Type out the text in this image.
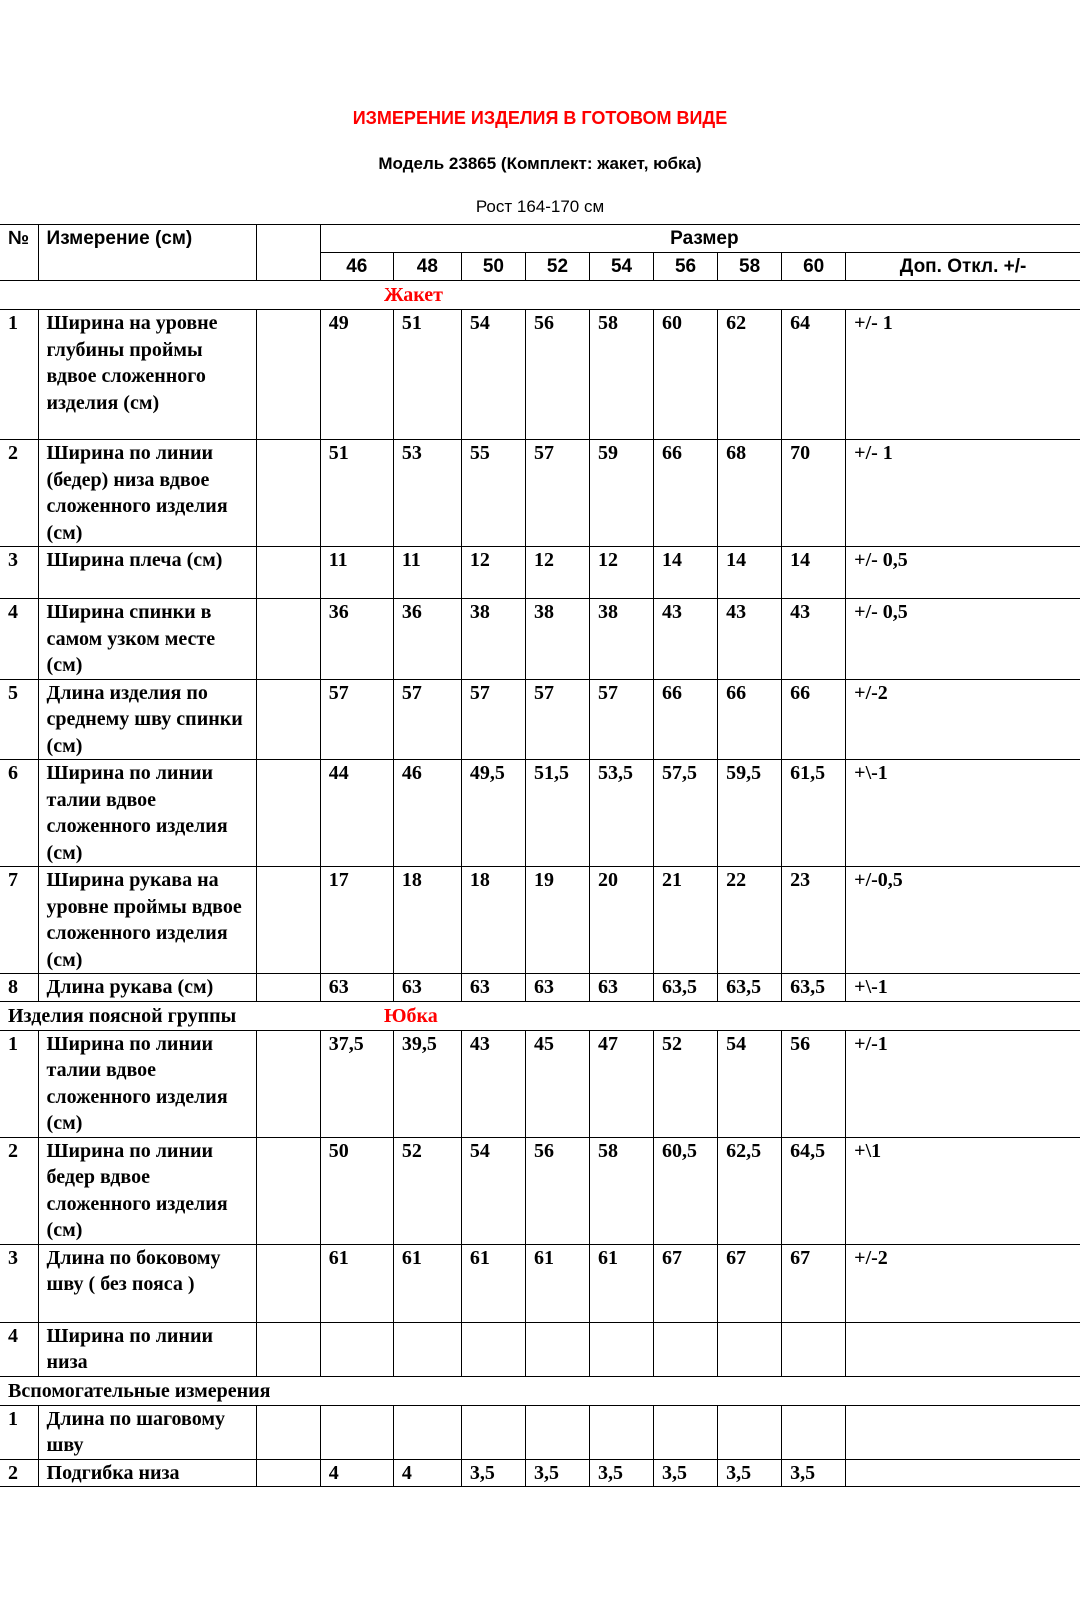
ИЗМЕРЕНИЕ ИЗДЕЛИЯ В ГОТОВОМ ВИДЕ
Модель 23865 (Комплект: жакет, юбка)
Рост 164-170 см
№	Измерение (см)		Размер								
			46	48	50	52	54	56	58	60	Доп. Откл. +/-

Жакет											

1	Ширина на уровне глубины проймы вдвое сложенного изделия (см)		49	51	54	56	58	60	62	64	+/- 1
2	Ширина по линии (бедер) низа вдвое сложенного изделия (см)		51	53	55	57	59	66	68	70	+/- 1
3	Ширина плеча (см)		11	11	12	12	12	14	14	14	+/- 0,5
4	Ширина спинки в самом узком месте (см)		36	36	38	38	38	43	43	43	+/- 0,5
5	Длина изделия по среднему шву спинки (см)		57	57	57	57	57	66	66	66	+/-2
6	Ширина по линии талии вдвое сложенного изделия (см)		44	46	49,5	51,5	53,5	57,5	59,5	61,5	+\-1
7	Ширина рукава на уровне проймы вдвое сложенного изделия (см)		17	18	18	19	20	21	22	23	+/-0,5
8	Длина рукава (см)		63	63	63	63	63	63,5	63,5	63,5	+\-1
Изделия поясной группы Юбка											

1	Ширина по линии талии вдвое сложенного изделия (см)		37,5	39,5	43	45	47	52	54	56	+/-1
2	Ширина по линии бедер вдвое сложенного изделия (см)		50	52	54	56	58	60,5	62,5	64,5	+\1
3	Длина по боковому шву ( без пояса )		61	61	61	61	61	67	67	67	+/-2
4	Ширина по линии низа										
Вспомогательные измерения											
1	Длина по шаговому шву										
2	Подгибка низа		4	4	3,5	3,5	3,5	3,5	3,5	3,5	
